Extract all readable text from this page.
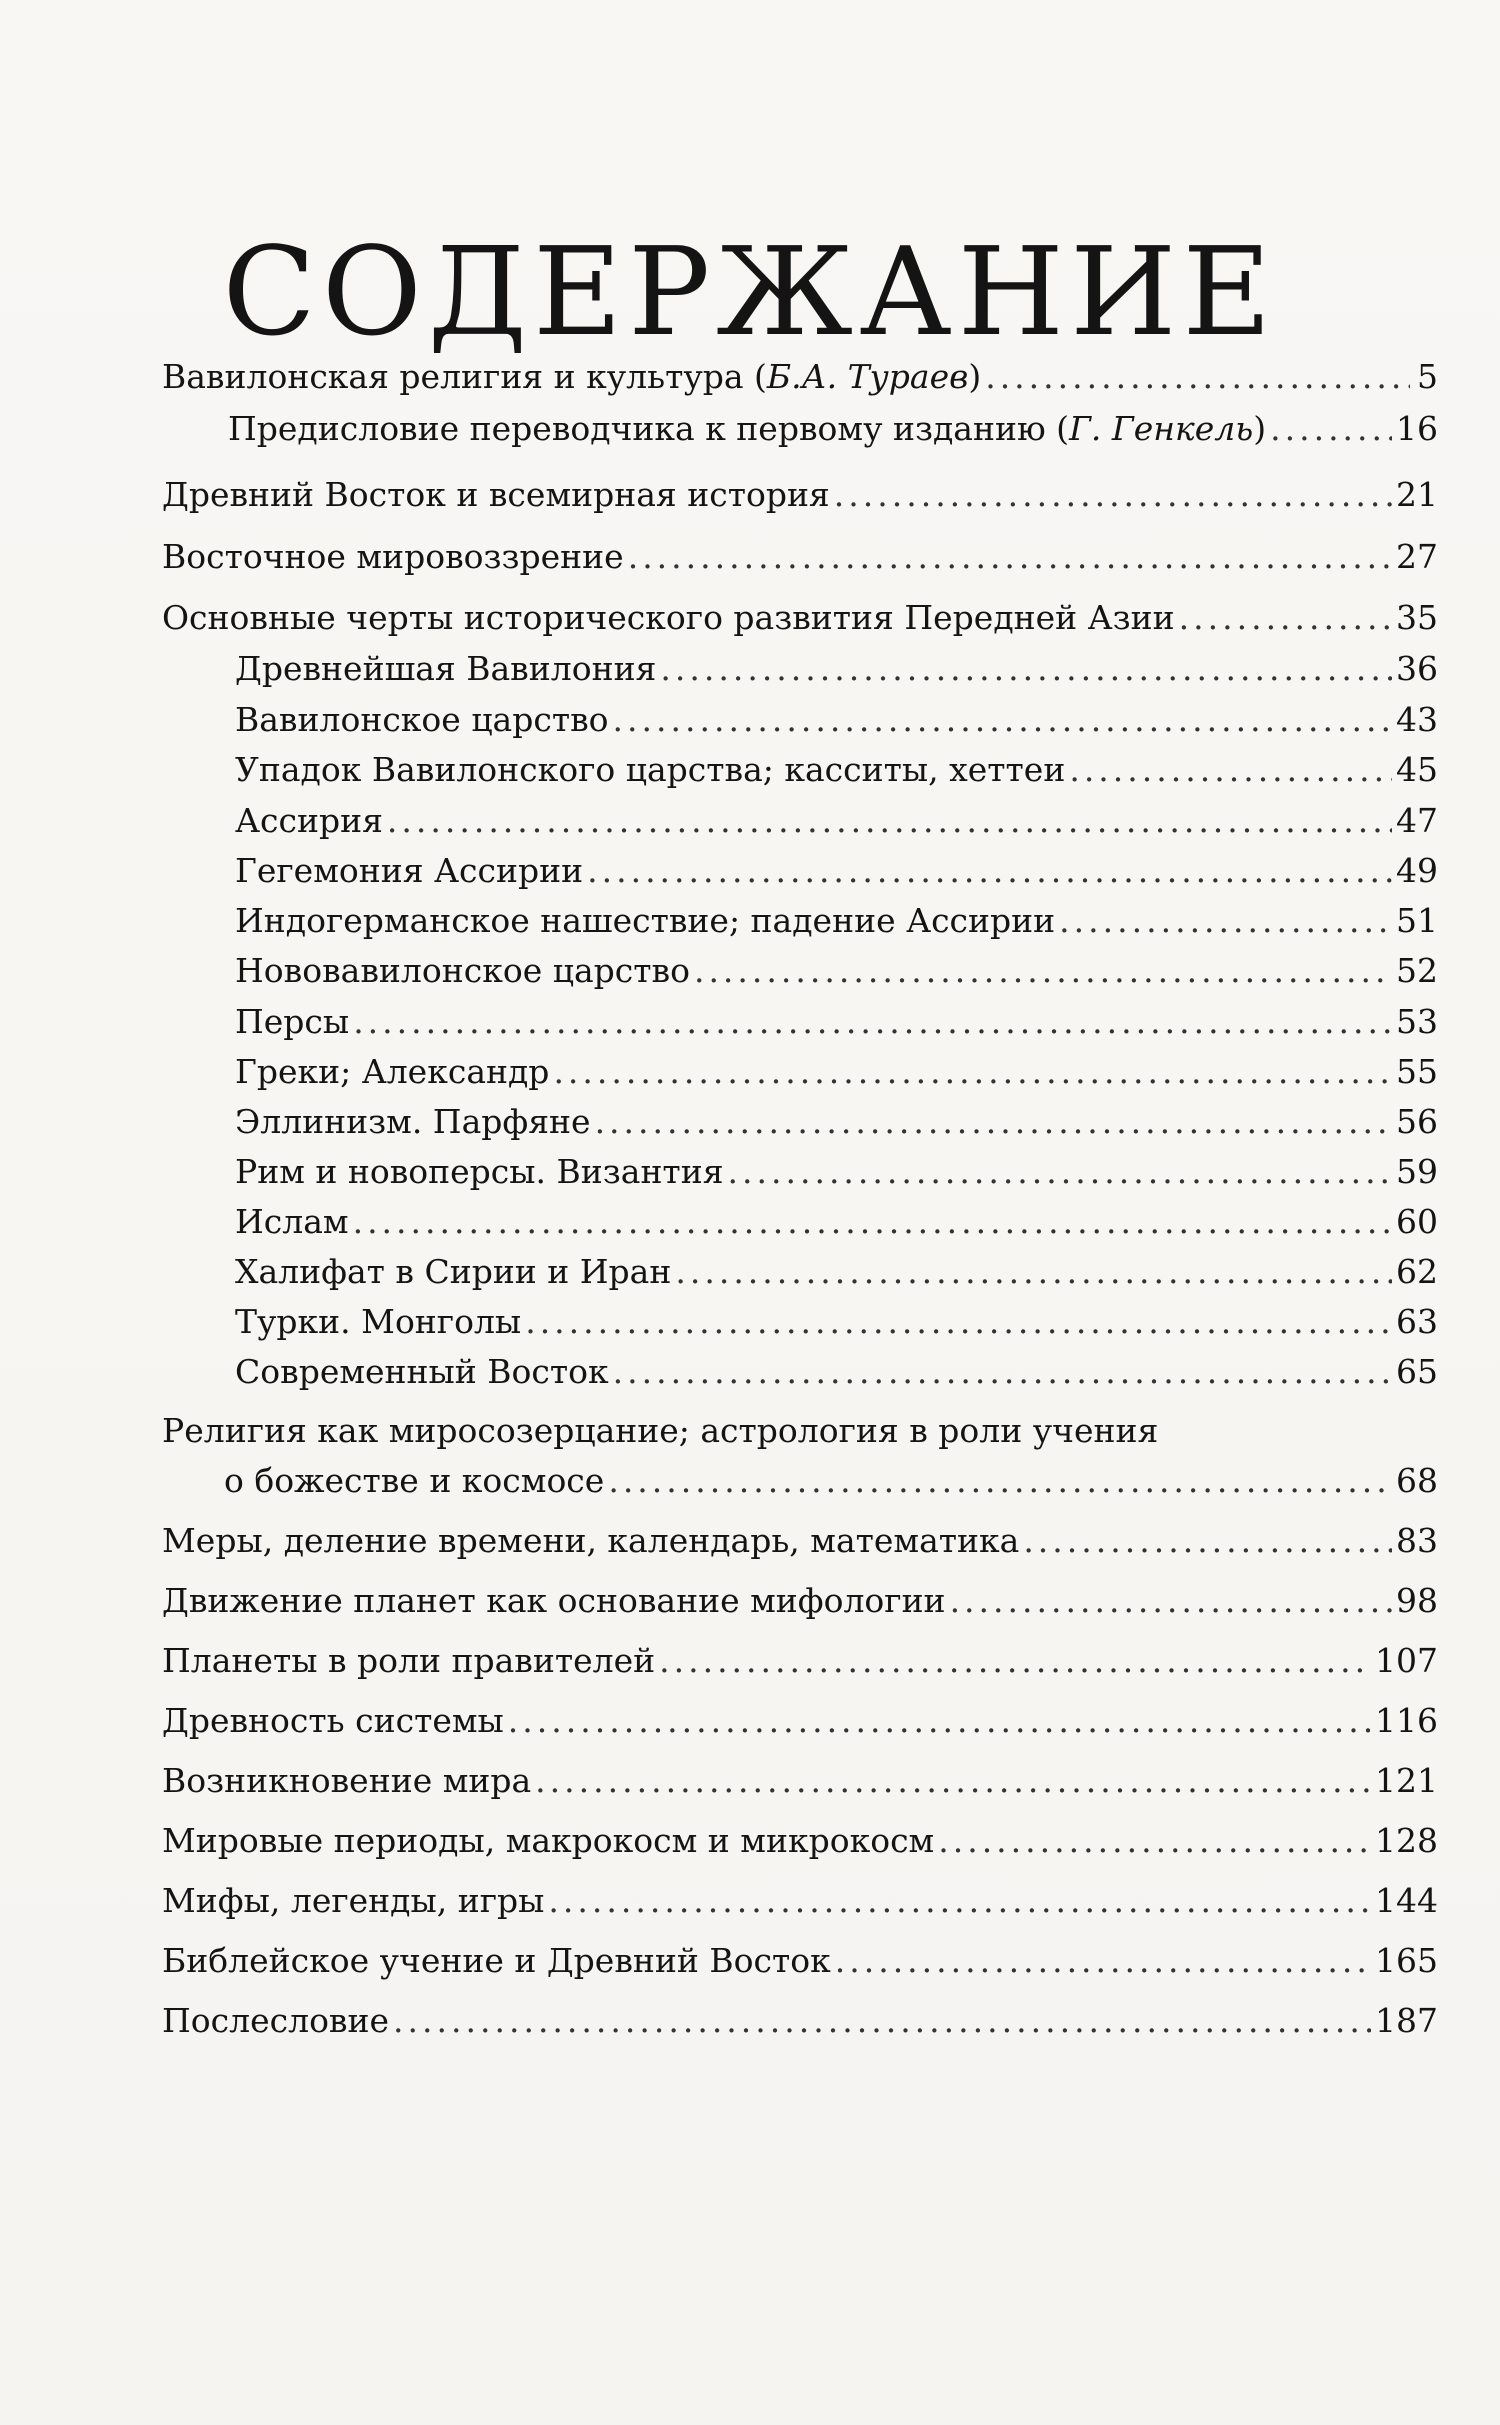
СОДЕРЖАНИЕ
Вавилонская религия и культура (Б.А. Тураев) .....	5
Предисловие переводчика к первому изданию (Г. Генкель) .....	16
Древний Восток и всемирная история .....	21
Восточное мировоззрение .....	27
Основные черты исторического развития Передней Азии .....	35
Древнейшая Вавилония .....	36
Вавилонское царство .....	43
Упадок Вавилонского царства; касситы, хеттеи .....	45
Ассирия .....	47
Гегемония Ассирии .....	49
Индогерманское нашествие; падение Ассирии .....	51
Нововавилонское царство .....	52
Персы .....	53
Греки; Александр .....	55
Эллинизм. Парфяне .....	56
Рим и новоперсы. Византия .....	59
Ислам .....	60
Халифат в Сирии и Иран .....	62
Турки. Монголы .....	63
Современный Восток .....	65
Религия как миросозерцание; астрология в роли учения
о божестве и космосе .....	68
Меры, деление времени, календарь, математика .....	83
Движение планет как основание мифологии .....	98
Планеты в роли правителей .....	107
Древность системы .....	116
Возникновение мира .....	121
Мировые периоды, макрокосм и микрокосм .....	128
Мифы, легенды, игры .....	144
Библейское учение и Древний Восток .....	165
Послесловие .....	187
